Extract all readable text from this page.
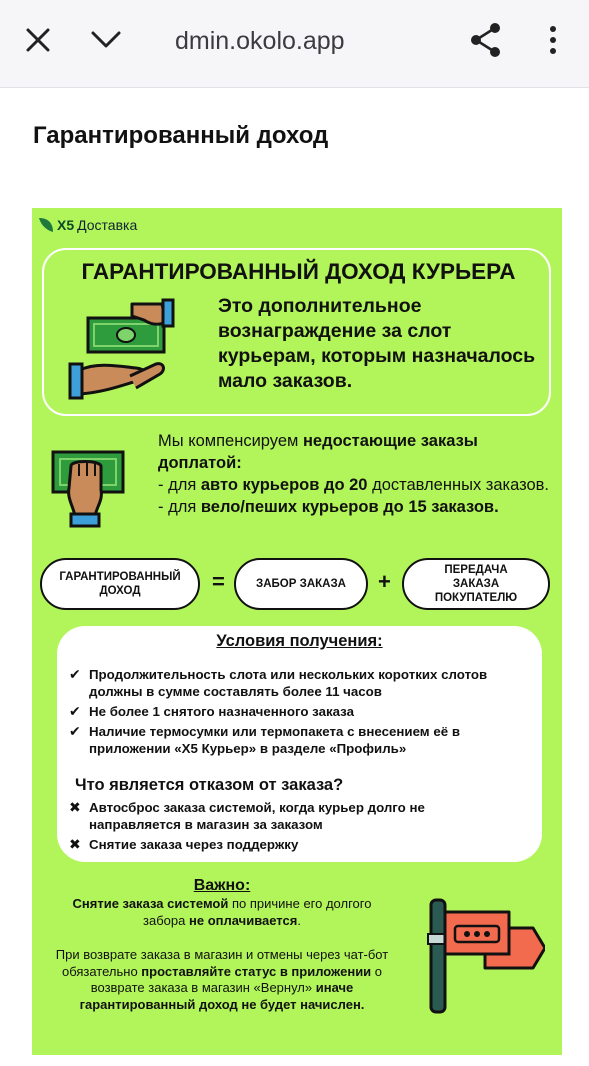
dmin.okolo.app
Гарантированный доход
X5 Доставка
ГАРАНТИРОВАННЫЙ ДОХОД КУРЬЕРА
Это дополнительное вознаграждение за слот курьерам, которым назначалось мало заказов.
Мы компенсируем недостающие заказы доплатой:
- для авто курьеров до 20 доставленных заказов.
- для вело/пеших курьеров до 15 заказов.
ГАРАНТИРОВАННЫЙ ДОХОД	=	ЗАБОР ЗАКАЗА	+	ПЕРЕДАЧА ЗАКАЗА ПОКУПАТЕЛЮ
Условия получения:
✔ Продолжительность слота или нескольких коротких слотов должны в сумме составлять более 11 часов
✔ Не более 1 снятого назначенного заказа
✔ Наличие термосумки или термопакета с внесением её в приложении «X5 Курьер» в разделе «Профиль»
Что является отказом от заказа?
✖ Автосброс заказа системой, когда курьер долго не направляется в магазин за заказом
✖ Снятие заказа через поддержку
Важно:
Снятие заказа системой по причине его долгого забора не оплачивается.
При возврате заказа в магазин и отмены через чат-бот обязательно проставляйте статус в приложении о возврате заказа в магазин «Вернул» иначе гарантированный доход не будет начислен.
